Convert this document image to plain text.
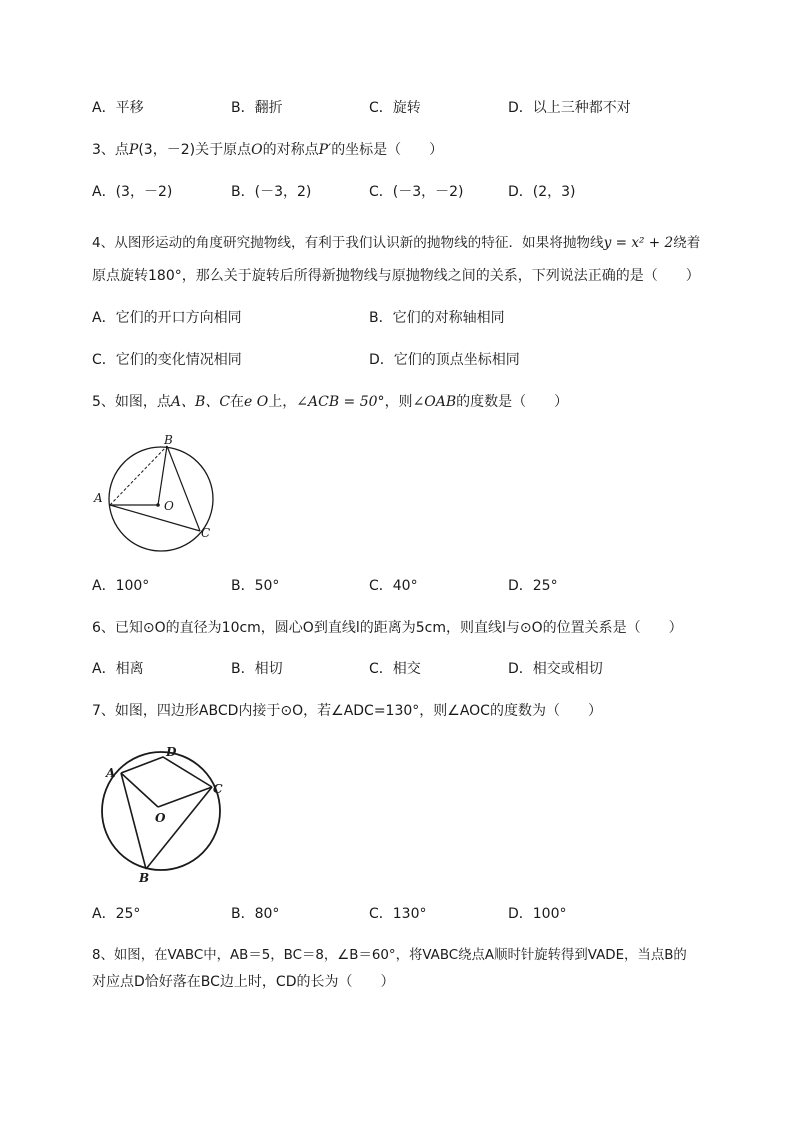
A．平移	B．翻折	C．旋转	D．以上三种都不对
3、点P(3，－2)关于原点O的对称点P′的坐标是（　　）
A．(3，－2)	B．(－3，2)	C．(－3，－2)	D．(2，3)
4、从图形运动的角度研究抛物线，有利于我们认识新的抛物线的特征．如果将抛物线y = x² + 2绕着
原点旋转180°，那么关于旋转后所得新抛物线与原抛物线之间的关系，下列说法正确的是（　　）
A．它们的开口方向相同	B．它们的对称轴相同
C．它们的变化情况相同	D．它们的顶点坐标相同
5、如图，点A、B、C在e O上，∠ACB = 50°，则∠OAB的度数是（　　）
A
B
O
C
A．100°	B．50°	C．40°	D．25°
6、已知⊙O的直径为10cm，圆心O到直线l的距离为5cm，则直线l与⊙O的位置关系是（　　）
A．相离	B．相切	C．相交	D．相交或相切
7、如图，四边形ABCD内接于⊙O，若∠ADC=130°，则∠AOC的度数为（　　）
A
D
C
O
B
A．25°	B．80°	C．130°	D．100°
8、如图，在VABC中，AB＝5，BC＝8，∠B＝60°，将VABC绕点A顺时针旋转得到VADE，当点B的
对应点D恰好落在BC边上时，CD的长为（　　）
